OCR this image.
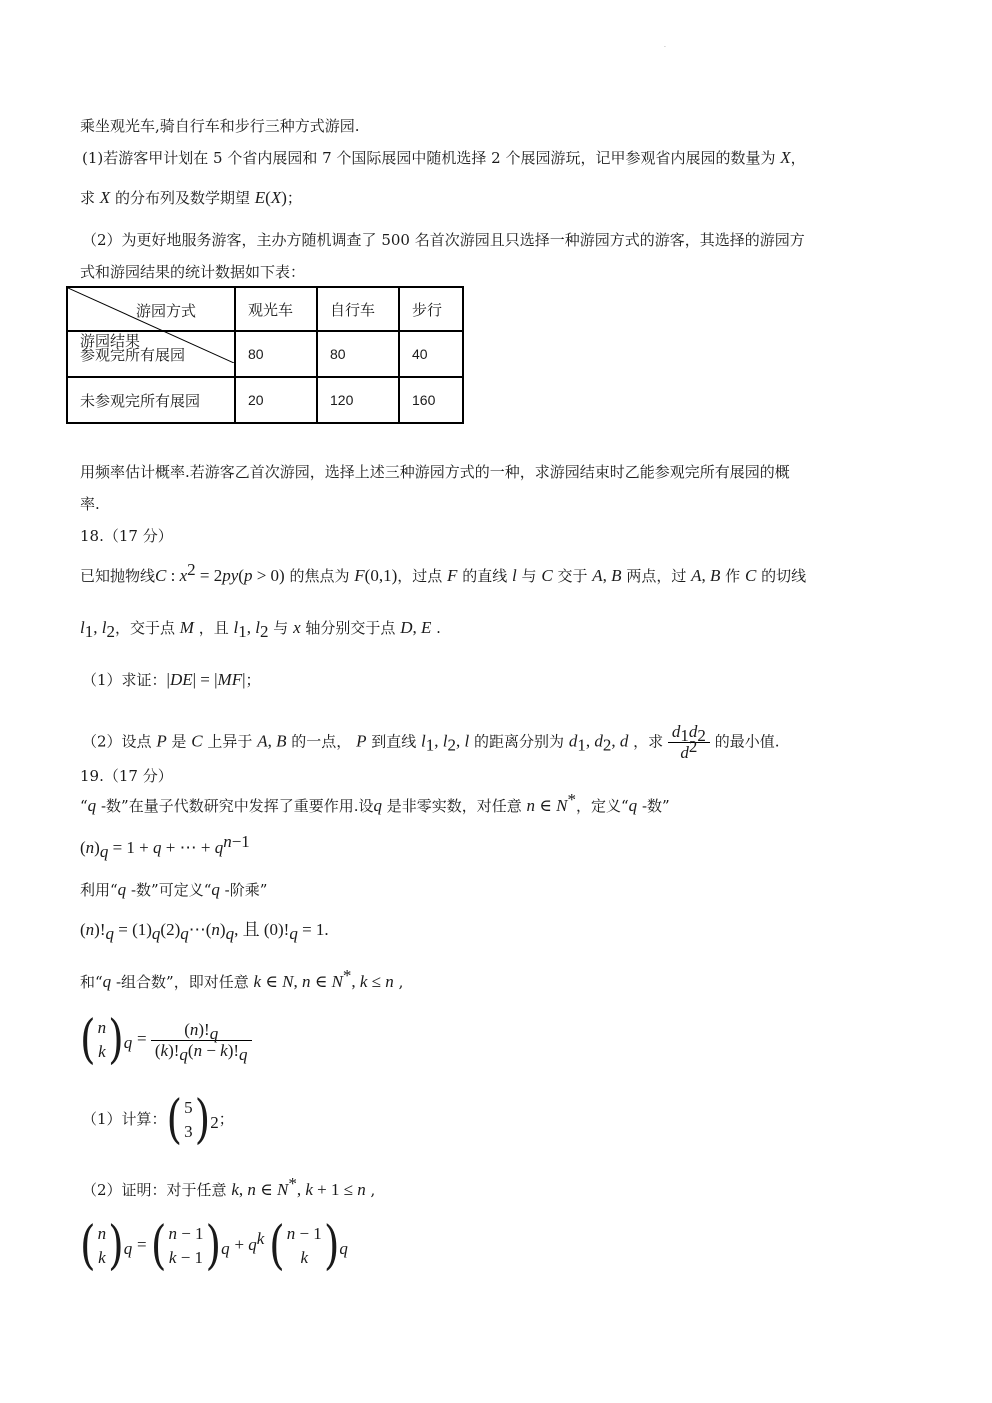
.
乘坐观光车,骑自行车和步行三种方式游园.
(1)若游客甲计划在 5 个省内展园和 7 个国际展园中随机选择 2 个展园游玩，记甲参观省内展园的数量为 X，
求 X 的分布列及数学期望 E(X)；
（2）为更好地服务游客，主办方随机调查了 500 名首次游园且只选择一种游园方式的游客，其选择的游园方
式和游园结果的统计数据如下表：
游园方式
游园结果	观光车	自行车	步行
参观完所有展园	80	80	40
未参观完所有展园	20	120	160
用频率估计概率.若游客乙首次游园，选择上述三种游园方式的一种，求游园结束时乙能参观完所有展园的概
率.
18.（17 分）
已知抛物线C : $x^2 = 2py(p > 0)$ 的焦点为 F(0,1)，过点 F 的直线 l 与 C 交于 A, B 两点，过 A, B 作 C 的切线
$l_1$, $l_2$，交于点 M ，且 $l_1$, $l_2$ 与 x 轴分别交于点 D, E .
（1）求证：|DE| = |MF|；
（2）设点 P 是 C 上异于 A, B 的一点， P 到直线 $l_1$, $l_2$, l 的距离分别为 $d_1$, $d_2$, d ，求 $\frac{d_1d_2}{d^2}$ 的最小值.
19.（17 分）
“q -数”在量子代数研究中发挥了重要作用.设q 是非零实数，对任意 n ∈ N*，定义“q -数”
$(n)_q = 1 + q$ + ⋯ + $q^{n-1}$
利用“q -数”可定义“q -阶乘”
$(n)!_q$ = $(1)_q(2)_q\cdots(n)_q$, 且 $(0)!_q = 1$.
和“q -组合数”，即对任意 k ∈ N, n ∈ N*, k ≤ n ,
( n
$k)_q = \frac{(n)!_q}{(k)!_q(n - k)!_q}$
（1）计算：( 5
$3)_2$；
（2）证明：对于任意 k, n ∈ N*, k + 1 ≤ n ,
( n
$k)_q$ = ( n − 1
$k - 1)_q + q^k$ ( n − 1
k )$_q$
